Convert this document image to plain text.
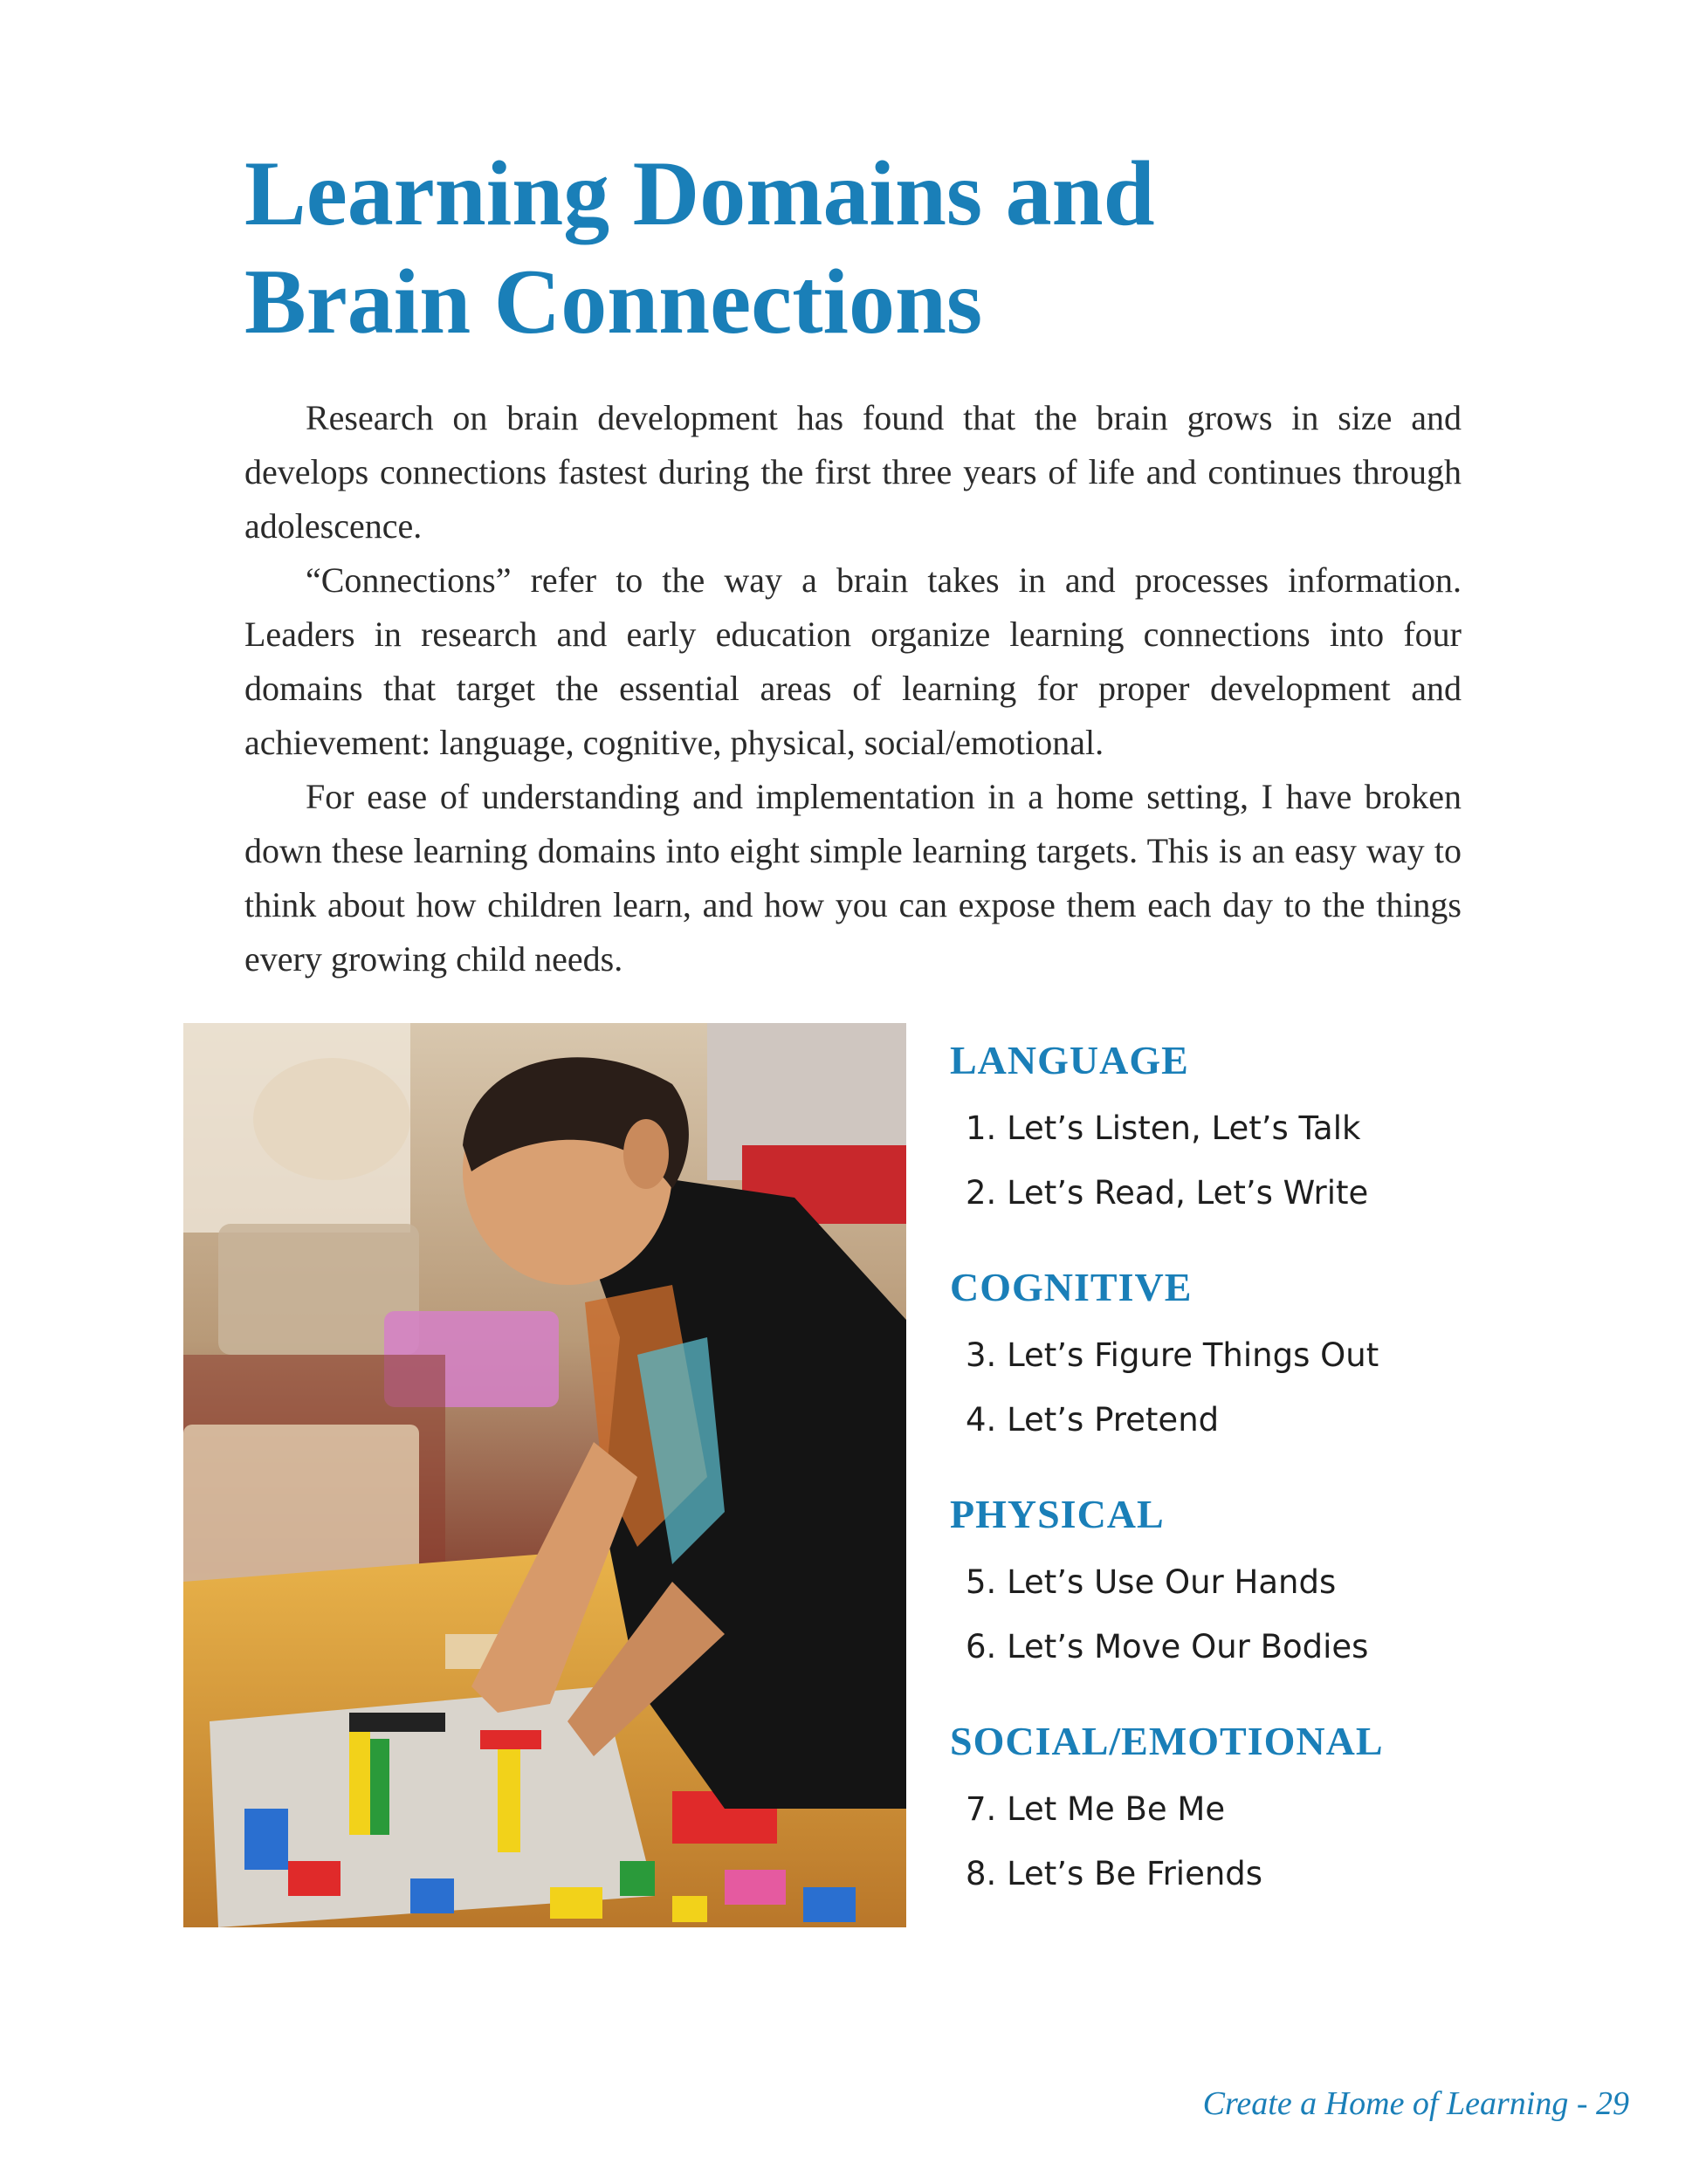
Learning Domains and
Brain Connections

Research on brain development has found that the brain grows in size and develops connections fastest during the first three years of life and continues through adolescence.

“Connections” refer to the way a brain takes in and processes information. Leaders in research and early education organize learning connections into four domains that target the essential areas of learning for proper development and achievement: language, cognitive, physical, social/emotional.

For ease of understanding and implementation in a home setting, I have broken down these learning domains into eight simple learning targets. This is an easy way to think about how children learn, and how you can expose them each day to the things every growing child needs.

LANGUAGE
1. Let’s Listen, Let’s Talk
2. Let’s Read, Let’s Write
COGNITIVE
3. Let’s Figure Things Out
4. Let’s Pretend
PHYSICAL
5. Let’s Use Our Hands
6. Let’s Move Our Bodies
SOCIAL/EMOTIONAL
7. Let Me Be Me
8. Let’s Be Friends
Create a Home of Learning - 29
